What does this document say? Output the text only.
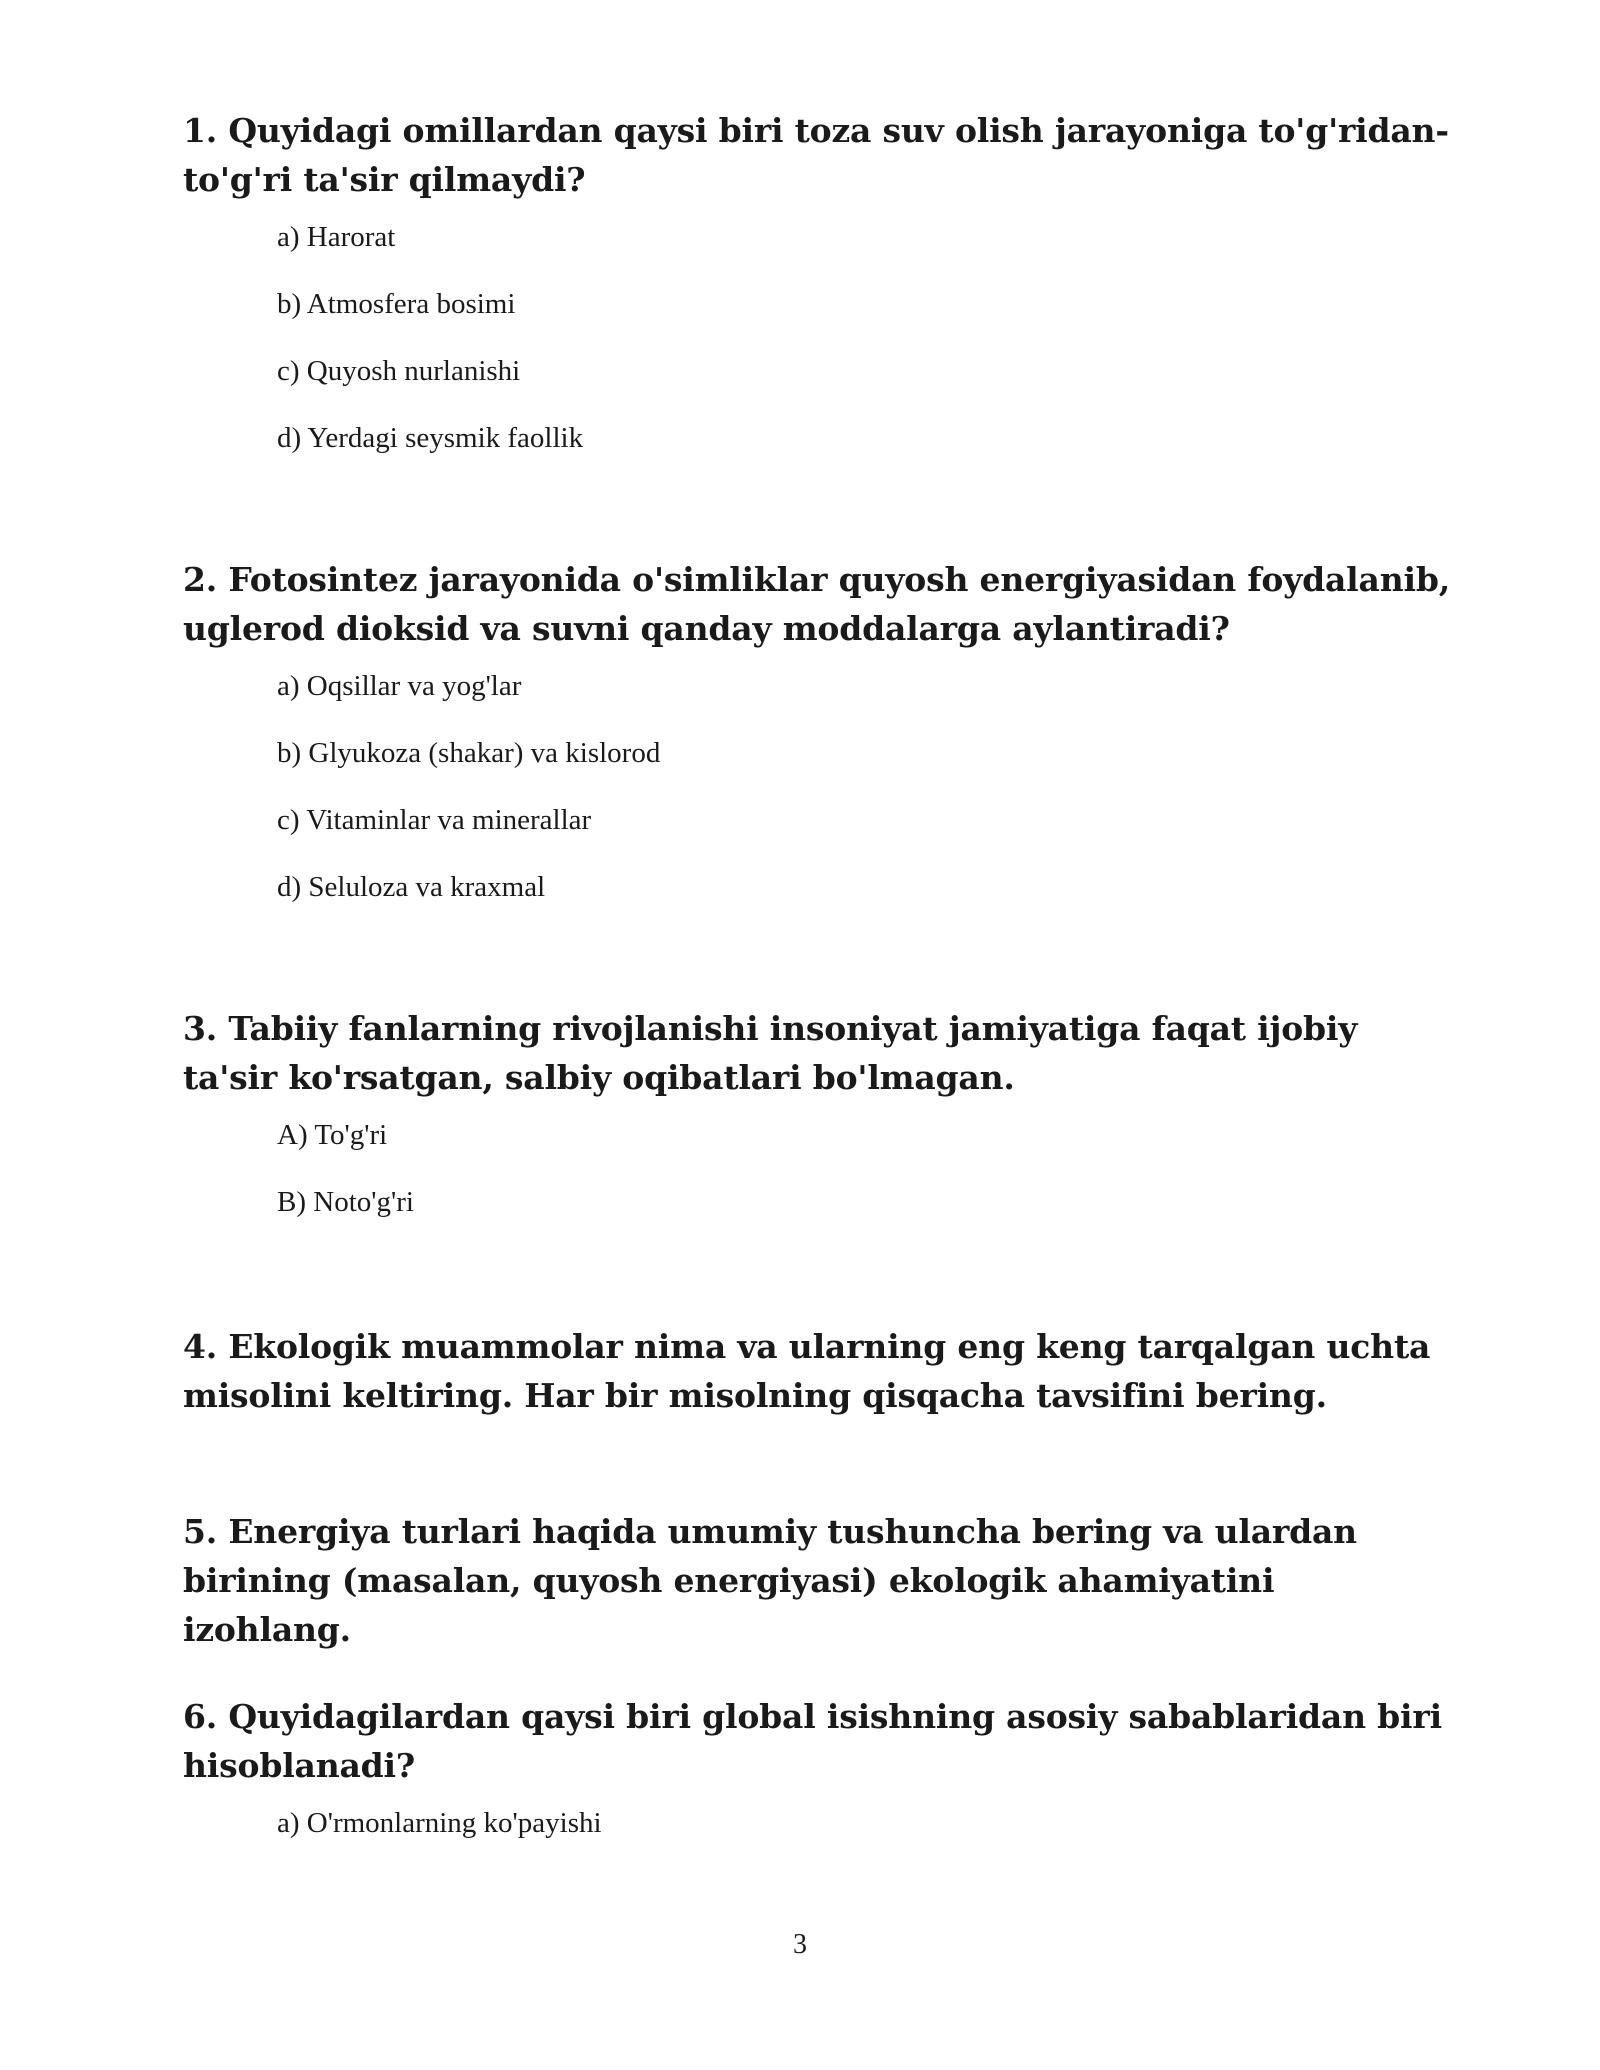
1. Quyidagi omillardan qaysi biri toza suv olish jarayoniga to'g'ridan-to'g'ri ta'sir qilmaydi?

a) Harorat
b) Atmosfera bosimi
c) Quyosh nurlanishi
d) Yerdagi seysmik faollik

2. Fotosintez jarayonida o'simliklar quyosh energiyasidan foydalanib, uglerod dioksid va suvni qanday moddalarga aylantiradi?

a) Oqsillar va yog'lar
b) Glyukoza (shakar) va kislorod
c) Vitaminlar va minerallar
d) Seluloza va kraxmal

3. Tabiiy fanlarning rivojlanishi insoniyat jamiyatiga faqat ijobiy ta'sir ko'rsatgan, salbiy oqibatlari bo'lmagan.

A) To'g'ri
B) Noto'g'ri

4. Ekologik muammolar nima va ularning eng keng tarqalgan uchta misolini keltiring. Har bir misolning qisqacha tavsifini bering.

5. Energiya turlari haqida umumiy tushuncha bering va ulardan birining (masalan, quyosh energiyasi) ekologik ahamiyatini izohlang.

6. Quyidagilardan qaysi biri global isishning asosiy sabablaridan biri hisoblanadi?

a) O'rmonlarning ko'payishi
3
